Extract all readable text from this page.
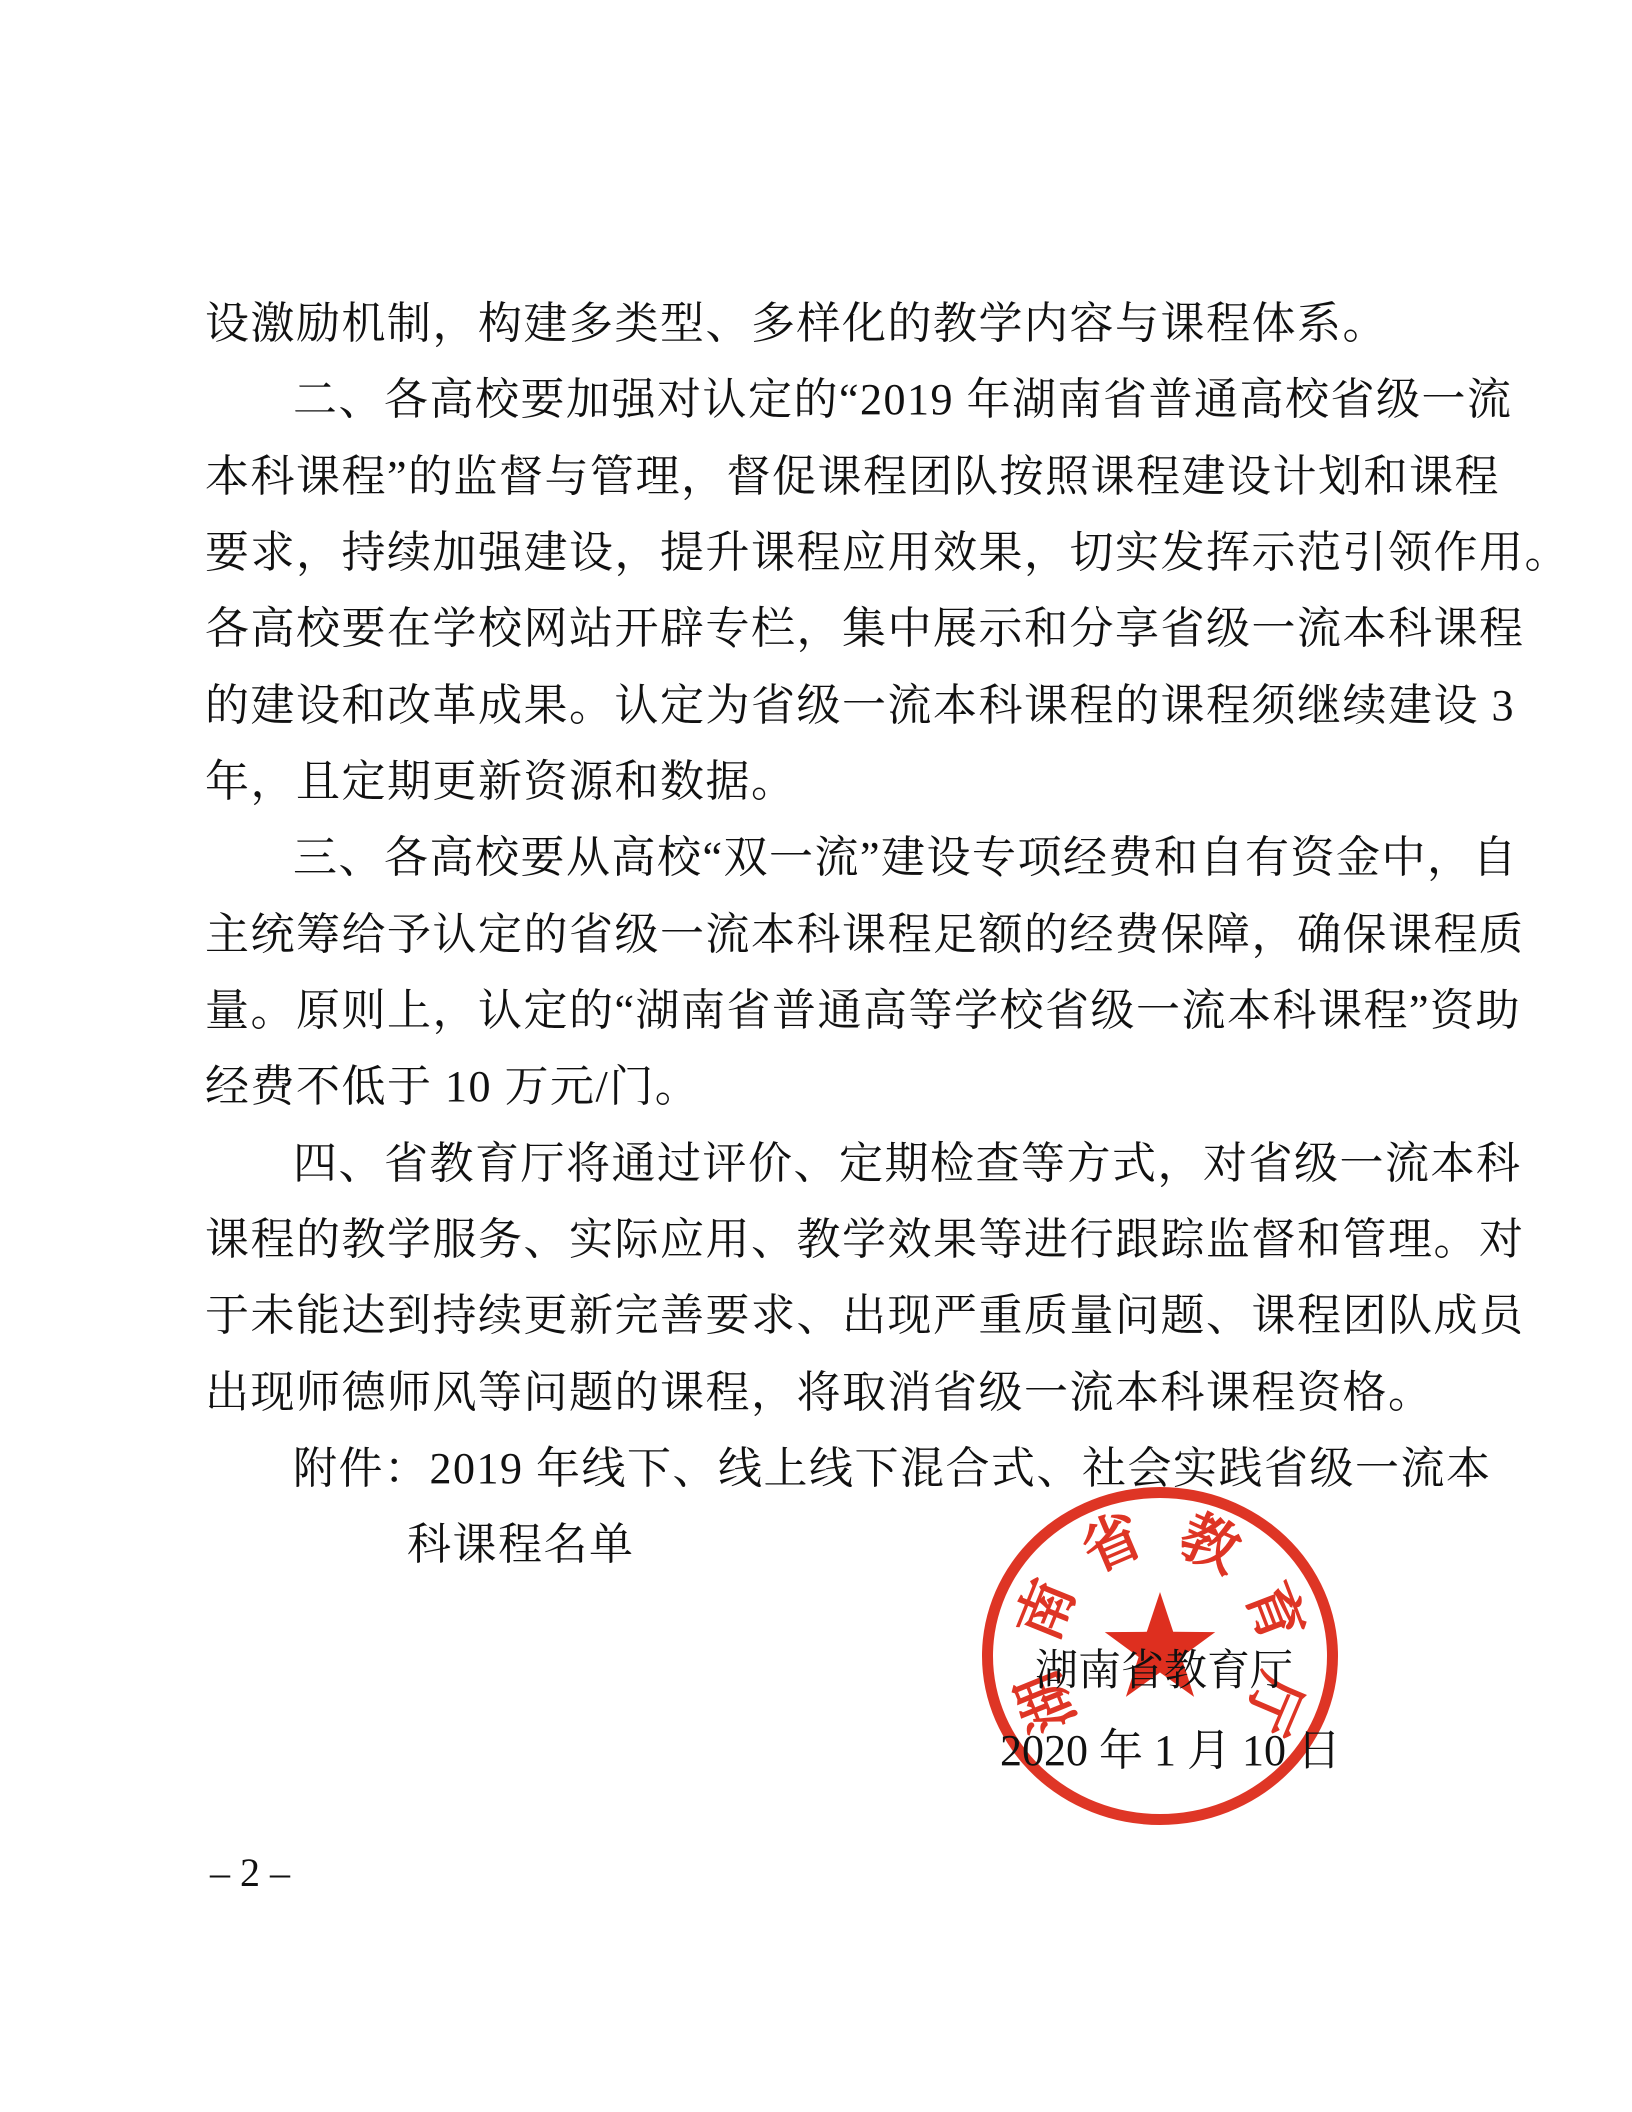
设激励机制，构建多类型、多样化的教学内容与课程体系。
二、各高校要加强对认定的“2019 年湖南省普通高校省级一流
本科课程”的监督与管理，督促课程团队按照课程建设计划和课程
要求，持续加强建设，提升课程应用效果，切实发挥示范引领作用。
各高校要在学校网站开辟专栏，集中展示和分享省级一流本科课程
的建设和改革成果。认定为省级一流本科课程的课程须继续建设 3
年，且定期更新资源和数据。
三、各高校要从高校“双一流”建设专项经费和自有资金中，自
主统筹给予认定的省级一流本科课程足额的经费保障，确保课程质
量。原则上，认定的“湖南省普通高等学校省级一流本科课程”资助
经费不低于 10 万元/门。
四、省教育厅将通过评价、定期检查等方式，对省级一流本科
课程的教学服务、实际应用、教学效果等进行跟踪监督和管理。对
于未能达到持续更新完善要求、出现严重质量问题、课程团队成员
出现师德师风等问题的课程，将取消省级一流本科课程资格。
附件：2019 年线下、线上线下混合式、社会实践省级一流本
科课程名单
湖
南
省 教
育
厅
湖南省教育厅
2020 年 1 月 10 日
– 2 –
